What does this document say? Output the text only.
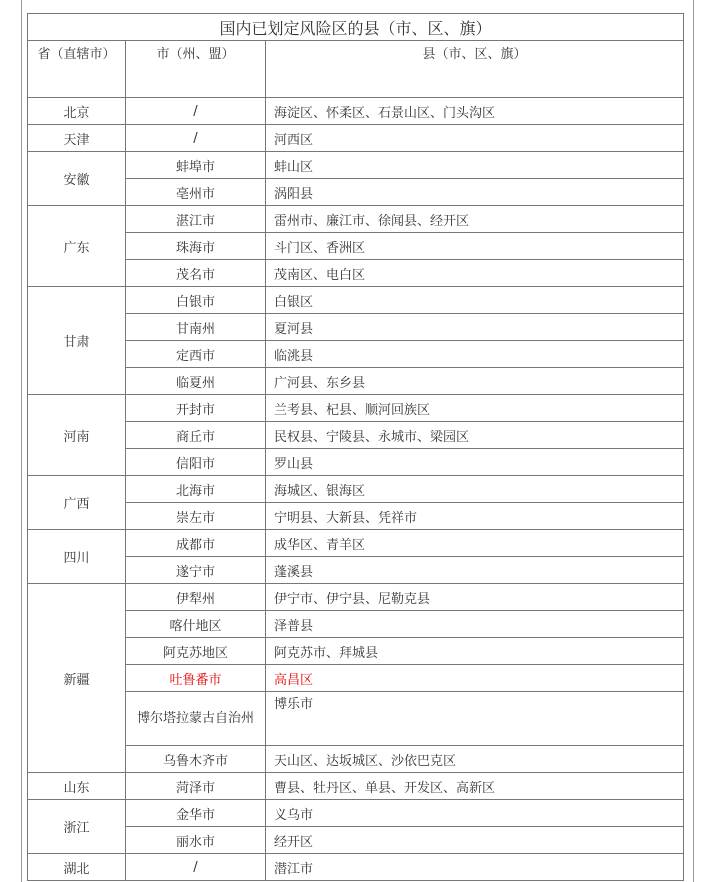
国内已划定风险区的县（市、区、旗）		
省（直辖市）	市（州、盟）	县（市、区、旗）
北京	/	海淀区、怀柔区、石景山区、门头沟区
天津	/	河西区
安徽	蚌埠市	蚌山区
	亳州市	涡阳县
广东	湛江市	雷州市、廉江市、徐闻县、经开区
	珠海市	斗门区、香洲区
	茂名市	茂南区、电白区
甘肃	白银市	白银区
	甘南州	夏河县
	定西市	临洮县
	临夏州	广河县、东乡县
河南	开封市	兰考县、杞县、顺河回族区
	商丘市	民权县、宁陵县、永城市、梁园区
	信阳市	罗山县
广西	北海市	海城区、银海区
	崇左市	宁明县、大新县、凭祥市
四川	成都市	成华区、青羊区
	遂宁市	蓬溪县
新疆	伊犁州	伊宁市、伊宁县、尼勒克县
	喀什地区	泽普县
	阿克苏地区	阿克苏市、拜城县
	吐鲁番市	高昌区
	博尔塔拉蒙古自治州	博乐市
	乌鲁木齐市	天山区、达坂城区、沙依巴克区
山东	菏泽市	曹县、牡丹区、单县、开发区、高新区
浙江	金华市	义乌市
	丽水市	经开区
湖北	/	潜江市
